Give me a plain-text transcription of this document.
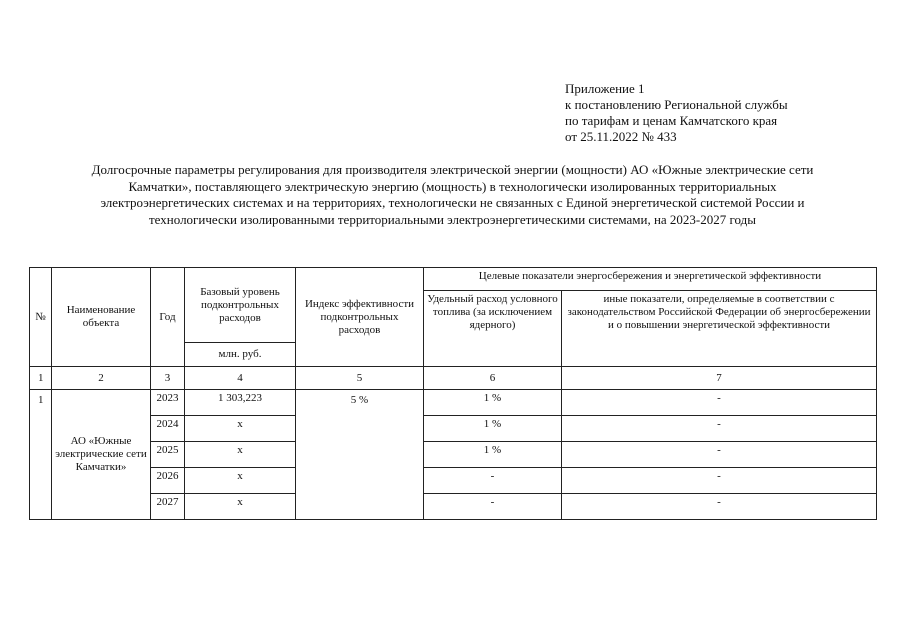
Приложение 1
к постановлению Региональной службы
по тарифам и ценам Камчатского края
от 25.11.2022 № 433
Долгосрочные параметры регулирования для производителя электрической энергии (мощности) АО «Южные электрические сети Камчатки», поставляющего электрическую энергию (мощность) в технологически изолированных территориальных электроэнергетических системах и на территориях, технологически не связанных с Единой энергетической системой России и технологически изолированными территориальными электроэнергетическими системами, на 2023-2027 годы
№	Наименование объекта	Год	Базовый уровень подконтрольных расходов	Индекс эффективности подконтрольных расходов	Целевые показатели энергосбережения и энергетической эффективности	
					Удельный расход условного топлива (за исключением ядерного)	иные показатели, определяемые в соответствии с законодательством Российской Федерации об энергосбережении и о повышении энергетической эффективности
			млн. руб.			
1	2	3	4	5	6	7
1	АО «Южные электрические сети Камчатки»	2023	1 303,223	5 %	1 %	-
		2024	х		1 %	-
		2025	х		1 %	-
		2026	х		-	-
		2027	х		-	-
